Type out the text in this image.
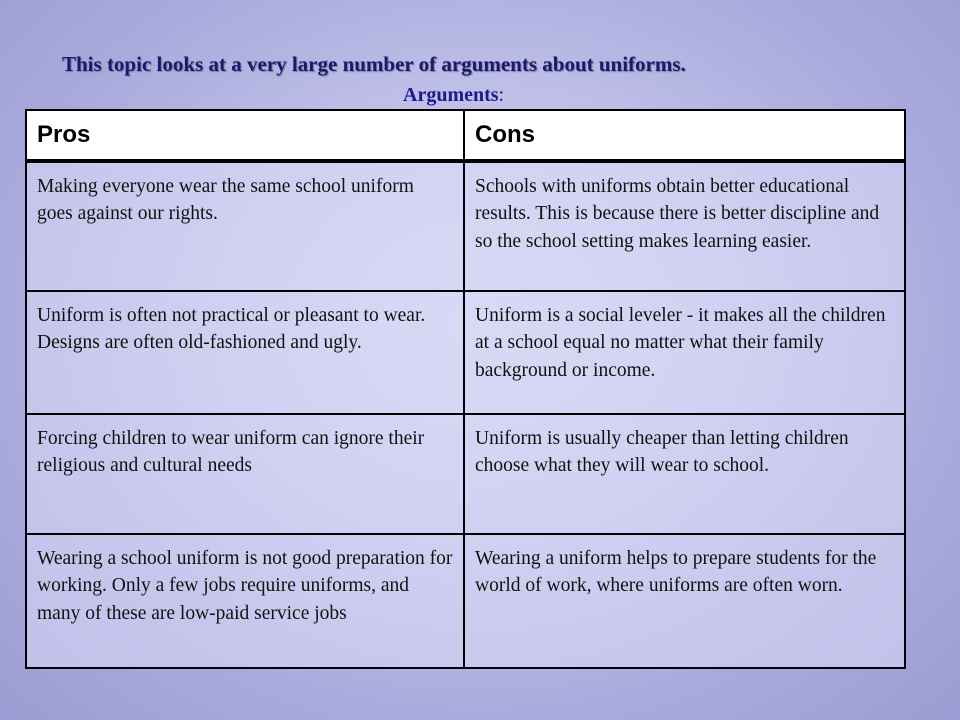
This topic looks at a very large number of arguments about uniforms.

Arguments:

Pros	Cons
Making everyone wear the same school uniform goes against our rights.	Schools with uniforms obtain better educational results. This is because there is better discipline and so the school setting makes learning easier.
Uniform is often not practical or pleasant to wear. Designs are often old-fashioned and ugly.	Uniform is a social leveler - it makes all the children at a school equal no matter what their family background or income.
Forcing children to wear uniform can ignore their religious and cultural needs	Uniform is usually cheaper than letting children choose what they will wear to school.
Wearing a school uniform is not good preparation for working. Only a few jobs require uniforms, and many of these are low-paid service jobs	Wearing a uniform helps to prepare students for the world of work, where uniforms are often worn.
